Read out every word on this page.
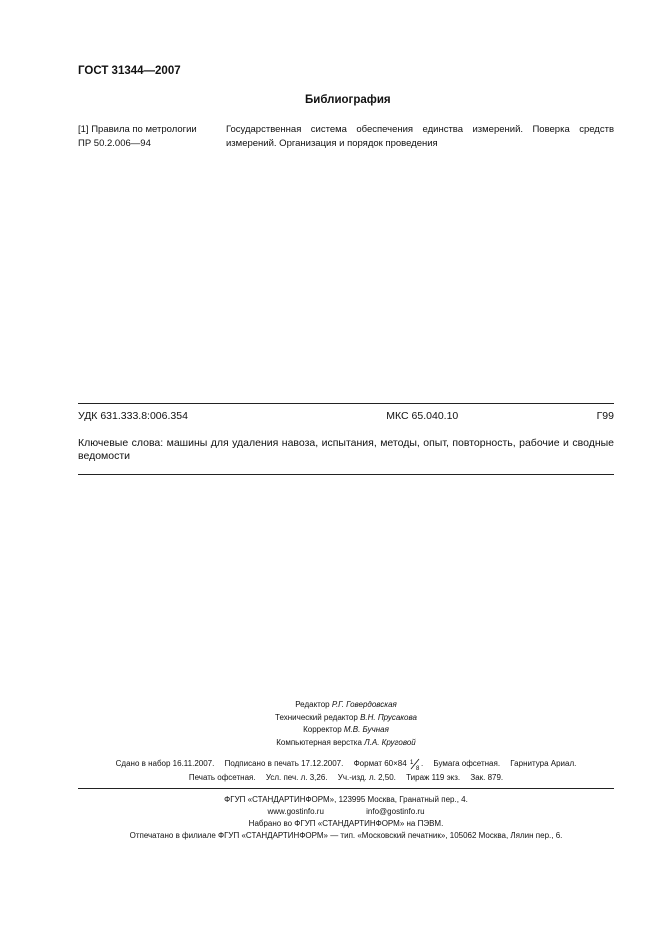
ГОСТ 31344—2007
Библиография
[1] Правила по метрологии
ПР 50.2.006—94
Государственная система обеспечения единства измерений. Поверка средств измерений. Организация и порядок проведения
УДК 631.333.8:006.354	МКС 65.040.10	Г99
Ключевые слова: машины для удаления навоза, испытания, методы, опыт, повторность, рабочие и сводные ведомости
Редактор Р.Г. Говердовская
Технический редактор В.Н. Прусакова
Корректор М.В. Бучная
Компьютерная верстка Л.А. Круговой
Сдано в набор 16.11.2007. Подписано в печать 17.12.2007. Формат 60×84 1
8
. Бумага офсетная. Гарнитура Ариал.
Печать офсетная. Усл. печ. л. 3,26. Уч.-изд. л. 2,50. Тираж 119 экз. Зак. 879.
ФГУП «СТАНДАРТИНФОРМ», 123995 Москва, Гранатный пер., 4.
www.gostinfo.ru	info@gostinfo.ru
Набрано во ФГУП «СТАНДАРТИНФОРМ» на ПЭВМ.
Отпечатано в филиале ФГУП «СТАНДАРТИНФОРМ» — тип. «Московский печатник», 105062 Москва, Лялин пер., 6.
